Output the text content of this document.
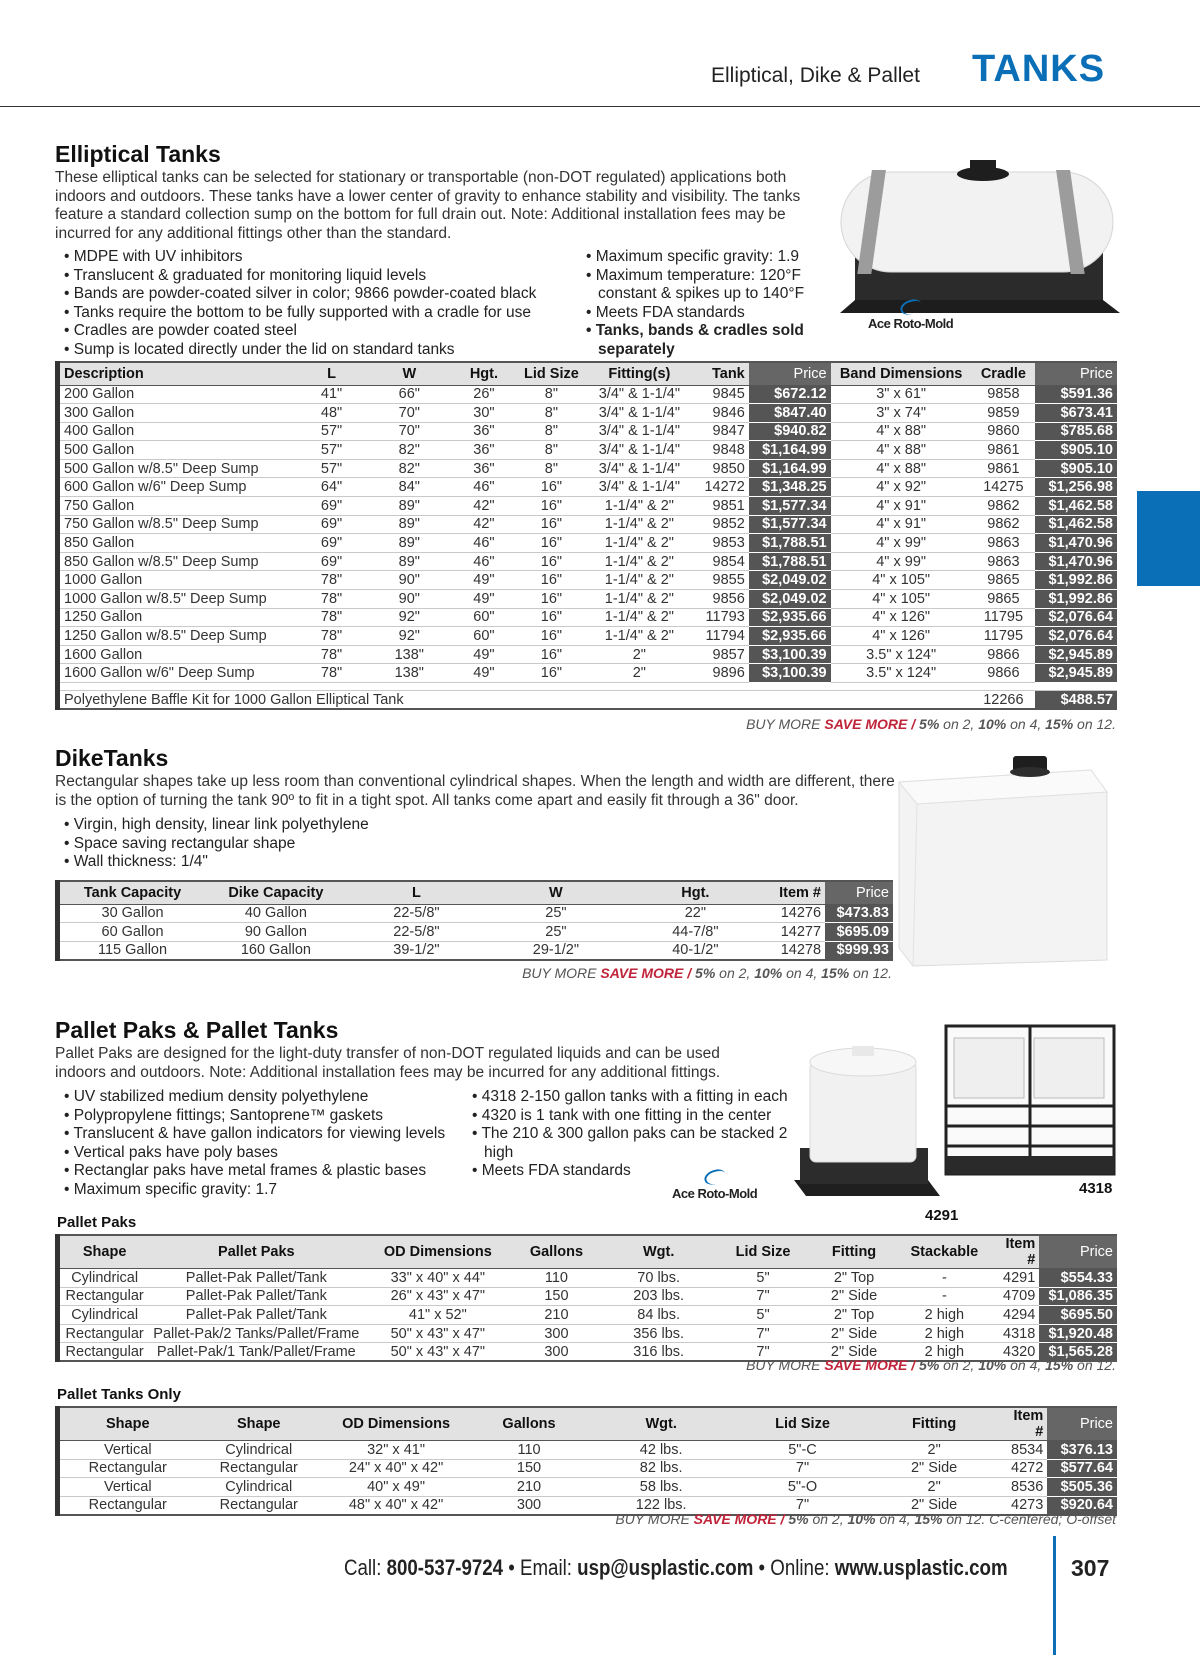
Elliptical, Dike & Pallet TANKS
Elliptical Tanks

These elliptical tanks can be selected for stationary or transportable (non-DOT regulated) applications both indoors and outdoors. These tanks have a lower center of gravity to enhance stability and visibility. The tanks feature a standard collection sump on the bottom for full drain out. Note: Additional installation fees may be incurred for any additional fittings other than the standard.

• MDPE with UV inhibitors
• Translucent & graduated for monitoring liquid levels
• Bands are powder-coated silver in color; 9866 powder-coated black
• Tanks require the bottom to be fully supported with a cradle for use
• Cradles are powder coated steel
• Sump is located directly under the lid on standard tanks
• Maximum specific gravity: 1.9
• Maximum temperature: 120°F constant & spikes up to 140°F
• Meets FDA standards
• Tanks, bands & cradles sold separately
Ace Roto-Mold
Description	L	W	Hgt.	Lid Size	Fitting(s)	Tank	Price	Band Dimensions	Cradle	Price
200 Gallon	41"	66"	26"	8"	3/4" & 1-1/4"	9845	$672.12	3" x 61"	9858	$591.36
300 Gallon	48"	70"	30"	8"	3/4" & 1-1/4"	9846	$847.40	3" x 74"	9859	$673.41
400 Gallon	57"	70"	36"	8"	3/4" & 1-1/4"	9847	$940.82	4" x 88"	9860	$785.68
500 Gallon	57"	82"	36"	8"	3/4" & 1-1/4"	9848	$1,164.99	4" x 88"	9861	$905.10
500 Gallon w/8.5" Deep Sump	57"	82"	36"	8"	3/4" & 1-1/4"	9850	$1,164.99	4" x 88"	9861	$905.10
600 Gallon w/6" Deep Sump	64"	84"	46"	16"	3/4" & 1-1/4"	14272	$1,348.25	4" x 92"	14275	$1,256.98
750 Gallon	69"	89"	42"	16"	1-1/4" & 2"	9851	$1,577.34	4" x 91"	9862	$1,462.58
750 Gallon w/8.5" Deep Sump	69"	89"	42"	16"	1-1/4" & 2"	9852	$1,577.34	4" x 91"	9862	$1,462.58
850 Gallon	69"	89"	46"	16"	1-1/4" & 2"	9853	$1,788.51	4" x 99"	9863	$1,470.96
850 Gallon w/8.5" Deep Sump	69"	89"	46"	16"	1-1/4" & 2"	9854	$1,788.51	4" x 99"	9863	$1,470.96
1000 Gallon	78"	90"	49"	16"	1-1/4" & 2"	9855	$2,049.02	4" x 105"	9865	$1,992.86
1000 Gallon w/8.5" Deep Sump	78"	90"	49"	16"	1-1/4" & 2"	9856	$2,049.02	4" x 105"	9865	$1,992.86
1250 Gallon	78"	92"	60"	16"	1-1/4" & 2"	11793	$2,935.66	4" x 126"	11795	$2,076.64
1250 Gallon w/8.5" Deep Sump	78"	92"	60"	16"	1-1/4" & 2"	11794	$2,935.66	4" x 126"	11795	$2,076.64
1600 Gallon	78"	138"	49"	16"	2"	9857	$3,100.39	3.5" x 124"	9866	$2,945.89
1600 Gallon w/6" Deep Sump	78"	138"	49"	16"	2"	9896	$3,100.39	3.5" x 124"	9866	$2,945.89

Polyethylene Baffle Kit for 1000 Gallon Elliptical Tank									12266	$488.57
BUY MORE SAVE MORE / 5% on 2, 10% on 4, 15% on 12.
DikeTanks

Rectangular shapes take up less room than conventional cylindrical shapes. When the length and width are different, there is the option of turning the tank 90º to fit in a tight spot. All tanks come apart and easily fit through a 36" door.

• Virgin, high density, linear link polyethylene
• Space saving rectangular shape
• Wall thickness: 1/4"
Tank Capacity	Dike Capacity	L	W	Hgt.	Item #	Price
30 Gallon	40 Gallon	22-5/8"	25"	22"	14276	$473.83
60 Gallon	90 Gallon	22-5/8"	25"	44-7/8"	14277	$695.09
115 Gallon	160 Gallon	39-1/2"	29-1/2"	40-1/2"	14278	$999.93
BUY MORE SAVE MORE / 5% on 2, 10% on 4, 15% on 12.
Pallet Paks & Pallet Tanks

Pallet Paks are designed for the light-duty transfer of non-DOT regulated liquids and can be used indoors and outdoors. Note: Additional installation fees may be incurred for any additional fittings.

• UV stabilized medium density polyethylene
• Polypropylene fittings; Santoprene™ gaskets
• Translucent & have gallon indicators for viewing levels
• Vertical paks have poly bases
• Rectanglar paks have metal frames & plastic bases
• Maximum specific gravity: 1.7
• 4318 2-150 gallon tanks with a fitting in each
• 4320 is 1 tank with one fitting in the center
• The 210 & 300 gallon paks can be stacked 2 high
• Meets FDA standards
Ace Roto-Mold
4291
4318
Pallet Paks
Shape	Pallet Paks	OD Dimensions	Gallons	Wgt.	Lid Size	Fitting	Stackable	Item #	Price
Cylindrical	Pallet-Pak Pallet/Tank	33" x 40" x 44"	110	70 lbs.	5"	2" Top	-	4291	$554.33
Rectangular	Pallet-Pak Pallet/Tank	26" x 43" x 47"	150	203 lbs.	7"	2" Side	-	4709	$1,086.35
Cylindrical	Pallet-Pak Pallet/Tank	41" x 52"	210	84 lbs.	5"	2" Top	2 high	4294	$695.50
Rectangular	Pallet-Pak/2 Tanks/Pallet/Frame	50" x 43" x 47"	300	356 lbs.	7"	2" Side	2 high	4318	$1,920.48
Rectangular	Pallet-Pak/1 Tank/Pallet/Frame	50" x 43" x 47"	300	316 lbs.	7"	2" Side	2 high	4320	$1,565.28
BUY MORE SAVE MORE / 5% on 2, 10% on 4, 15% on 12.
Pallet Tanks Only
Shape	Shape	OD Dimensions	Gallons	Wgt.	Lid Size	Fitting	Item #	Price
Vertical	Cylindrical	32" x 41"	110	42 lbs.	5"-C	2"	8534	$376.13
Rectangular	Rectangular	24" x 40" x 42"	150	82 lbs.	7"	2" Side	4272	$577.64
Vertical	Cylindrical	40" x 49"	210	58 lbs.	5"-O	2"	8536	$505.36
Rectangular	Rectangular	48" x 40" x 42"	300	122 lbs.	7"	2" Side	4273	$920.64
BUY MORE SAVE MORE / 5% on 2, 10% on 4, 15% on 12. C-centered; O-offset
Call: 800-537-9724 • Email: usp@usplastic.com • Online: www.usplastic.com	307
